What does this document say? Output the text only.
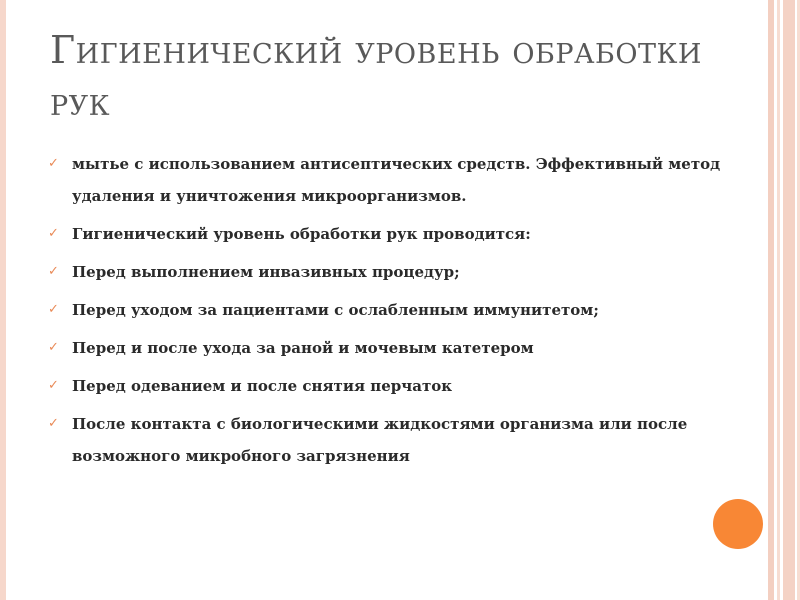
Гигиенический уровень обработки рук
✓ мытье с использованием антисептических средств. Эффективный метод удаления и уничтожения микроорганизмов.
✓ Гигиенический уровень обработки рук проводится:
✓ Перед выполнением инвазивных процедур;
✓ Перед уходом за пациентами с ослабленным иммунитетом;
✓ Перед и после ухода за раной и мочевым катетером
✓ Перед одеванием и после снятия перчаток
✓ После контакта с биологическими жидкостями организма или после возможного микробного загрязнения
